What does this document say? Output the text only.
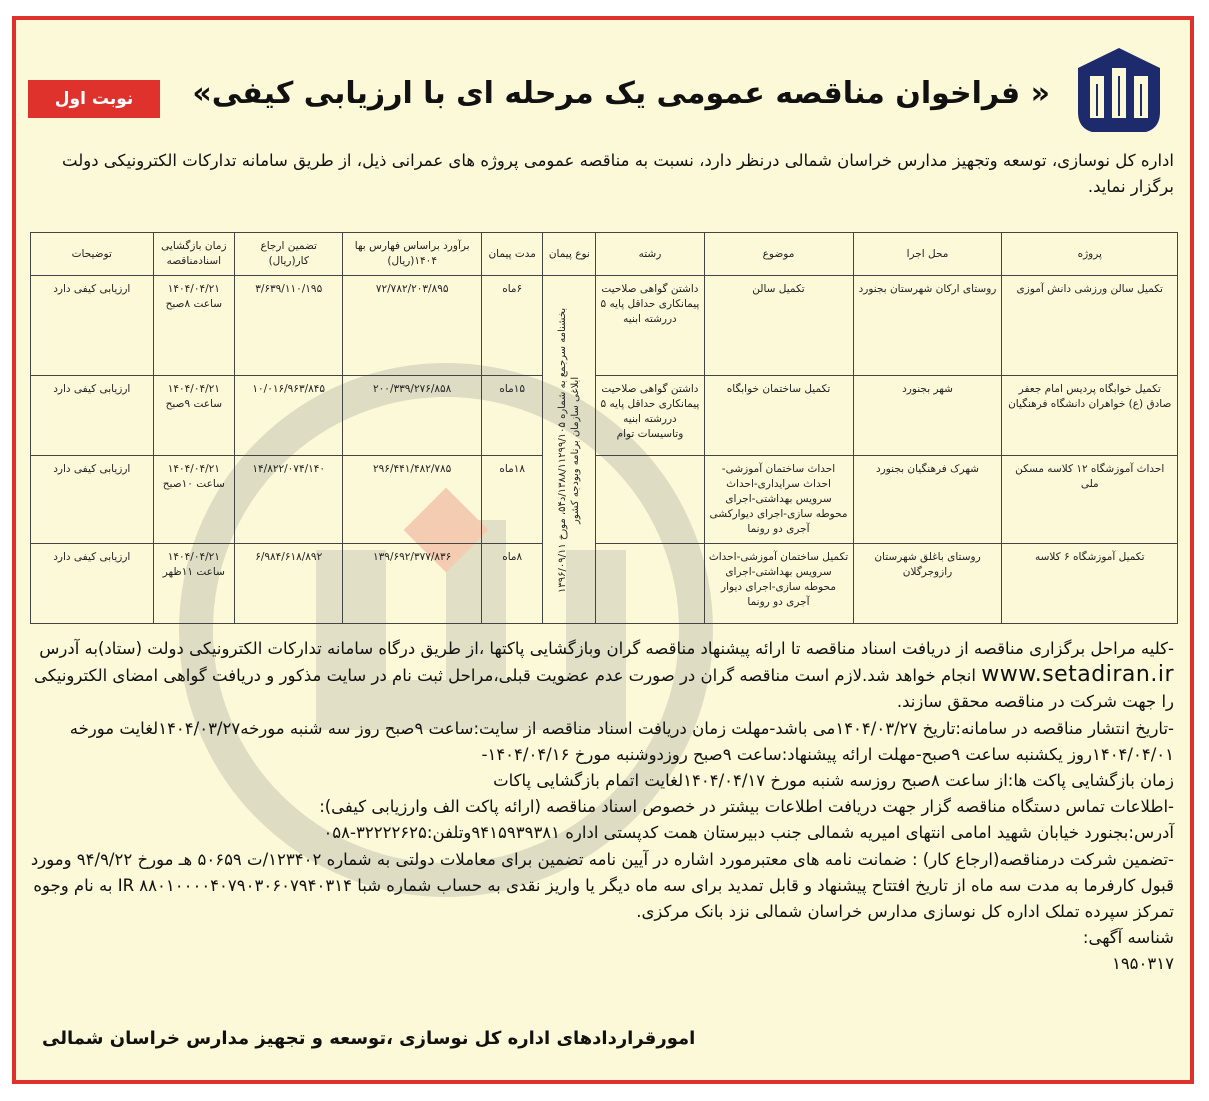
« فراخوان مناقصه عمومی یک مرحله ای با ارزیابی کیفی»
نوبت اول
اداره کل نوسازی، توسعه وتجهیز مدارس خراسان شمالی درنظر دارد، نسبت به مناقصه عمومی پروژه های عمرانی ذیل، از طریق سامانه تدارکات الکترونیکی دولت برگزار نماید.
پروژه	محل اجرا	موضوع	رشته	نوع پیمان	مدت پیمان	برآورد براساس فهارس بها ۱۴۰۴(ریال)	تضمین ارجاع کار(ریال)	زمان بازگشایی اسنادمناقصه	توضیحات
تکمیل سالن ورزشی دانش آموزی	روستای ارکان شهرستان بجنورد	تکمیل سالن	داشتن گواهی صلاحیت پیمانکاری حداقل پایه ۵ دررشته ابنیه	بخشنامه سرجمع به شماره ۱۳۸۸/۱۱۲۹۹/۱۰۵/د۵۴، مورخ ۱۳۹۶/۰۹/۱۱ ابلاغی سازمان برنامه وبودجه کشور	۶ماه	۷۲/۷۸۲/۲۰۳/۸۹۵	۳/۶۳۹/۱۱۰/۱۹۵	۱۴۰۴/۰۴/۲۱ ساعت ۸صبح	ارزیابی کیفی دارد
تکمیل خوابگاه پردیس امام جعفر صادق (ع) خواهران دانشگاه فرهنگیان	شهر بجنورد	تکمیل ساختمان خوابگاه	داشتن گواهی صلاحیت پیمانکاری حداقل پایه ۵ دررشته ابنیه وتاسیسات توام		۱۵ماه	۲۰۰/۳۳۹/۲۷۶/۸۵۸	۱۰/۰۱۶/۹۶۳/۸۴۵	۱۴۰۴/۰۴/۲۱ ساعت ۹صبح	ارزیابی کیفی دارد
احداث آموزشگاه ۱۲ کلاسه مسکن ملی	شهرک فرهنگیان بجنورد	احداث ساختمان آموزشی-احداث سرایداری-احداث سرویس بهداشتی-اجرای محوطه سازی-اجرای دیوارکشی آجری دو رونما			۱۸ماه	۲۹۶/۴۴۱/۴۸۲/۷۸۵	۱۴/۸۲۲/۰۷۴/۱۴۰	۱۴۰۴/۰۴/۲۱ ساعت ۱۰صبح	ارزیابی کیفی دارد
تکمیل آموزشگاه ۶ کلاسه	روستای باغلق شهرستان رازوجرگلان	تکمیل ساختمان آموزشی-احداث سرویس بهداشتی-اجرای محوطه سازی-اجرای دیوار آجری دو رونما			۸ماه	۱۳۹/۶۹۲/۳۷۷/۸۳۶	۶/۹۸۴/۶۱۸/۸۹۲	۱۴۰۴/۰۴/۲۱ ساعت ۱۱ظهر	ارزیابی کیفی دارد

-کلیه مراحل برگزاری مناقصه از دریافت اسناد مناقصه تا ارائه پیشنهاد مناقصه گران وبازگشایی پاکتها ،از طریق درگاه سامانه تدارکات الکترونیکی دولت (ستاد)به آدرس www.setadiran.ir انجام خواهد شد.لازم است مناقصه گران در صورت عدم عضویت قبلی،مراحل ثبت نام در سایت مذکور و دریافت گواهی امضای الکترونیکی را جهت شرکت در مناقصه محقق سازند.

-تاریخ انتشار مناقصه در سامانه:تاریخ ۱۴۰۴/۰۳/۲۷می باشد-مهلت زمان دریافت اسناد مناقصه از سایت:ساعت ۹صبح روز سه شنبه مورخه۱۴۰۴/۰۳/۲۷لغایت مورخه ۱۴۰۴/۰۴/۰۱روز یکشنبه ساعت ۹صبح-مهلت ارائه پیشنهاد:ساعت ۹صبح روزدوشنبه مورخ ۱۴۰۴/۰۴/۱۶-

زمان بازگشایی پاکت ها:از ساعت ۸صبح روزسه شنبه مورخ ۱۴۰۴/۰۴/۱۷لغایت اتمام بازگشایی پاکات

-اطلاعات تماس دستگاه مناقصه گزار جهت دریافت اطلاعات بیشتر در خصوص اسناد مناقصه (ارائه پاکت الف وارزیابی کیفی):

آدرس:بجنورد خیابان شهید امامی انتهای امیریه شمالی جنب دبیرستان همت کدپستی اداره ۹۴۱۵۹۳۹۳۸۱وتلفن:۳۲۲۲۲۶۲۵-۰۵۸

-تضمین شرکت درمناقصه(ارجاع کار) : ضمانت نامه های معتبرمورد اشاره در آیین نامه تضمین برای معاملات دولتی به شماره ۱۲۳۴۰۲/ت ۵۰۶۵۹ هـ مورخ ۹۴/۹/۲۲ ومورد قبول کارفرما به مدت سه ماه از تاریخ افتتاح پیشنهاد و قابل تمدید برای سه ماه دیگر یا واریز نقدی به حساب شماره شبا IR ۸۸۰۱۰۰۰۰۴۰۷۹۰۳۰۶۰۷۹۴۰۳۱۴ به نام وجوه تمرکز سپرده تملک اداره کل نوسازی مدارس خراسان شمالی نزد بانک مرکزی.

شناسه آگهی:

۱۹۵۰۳۱۷

امورقراردادهای اداره کل نوسازی ،توسعه و تجهیز مدارس خراسان شمالی
